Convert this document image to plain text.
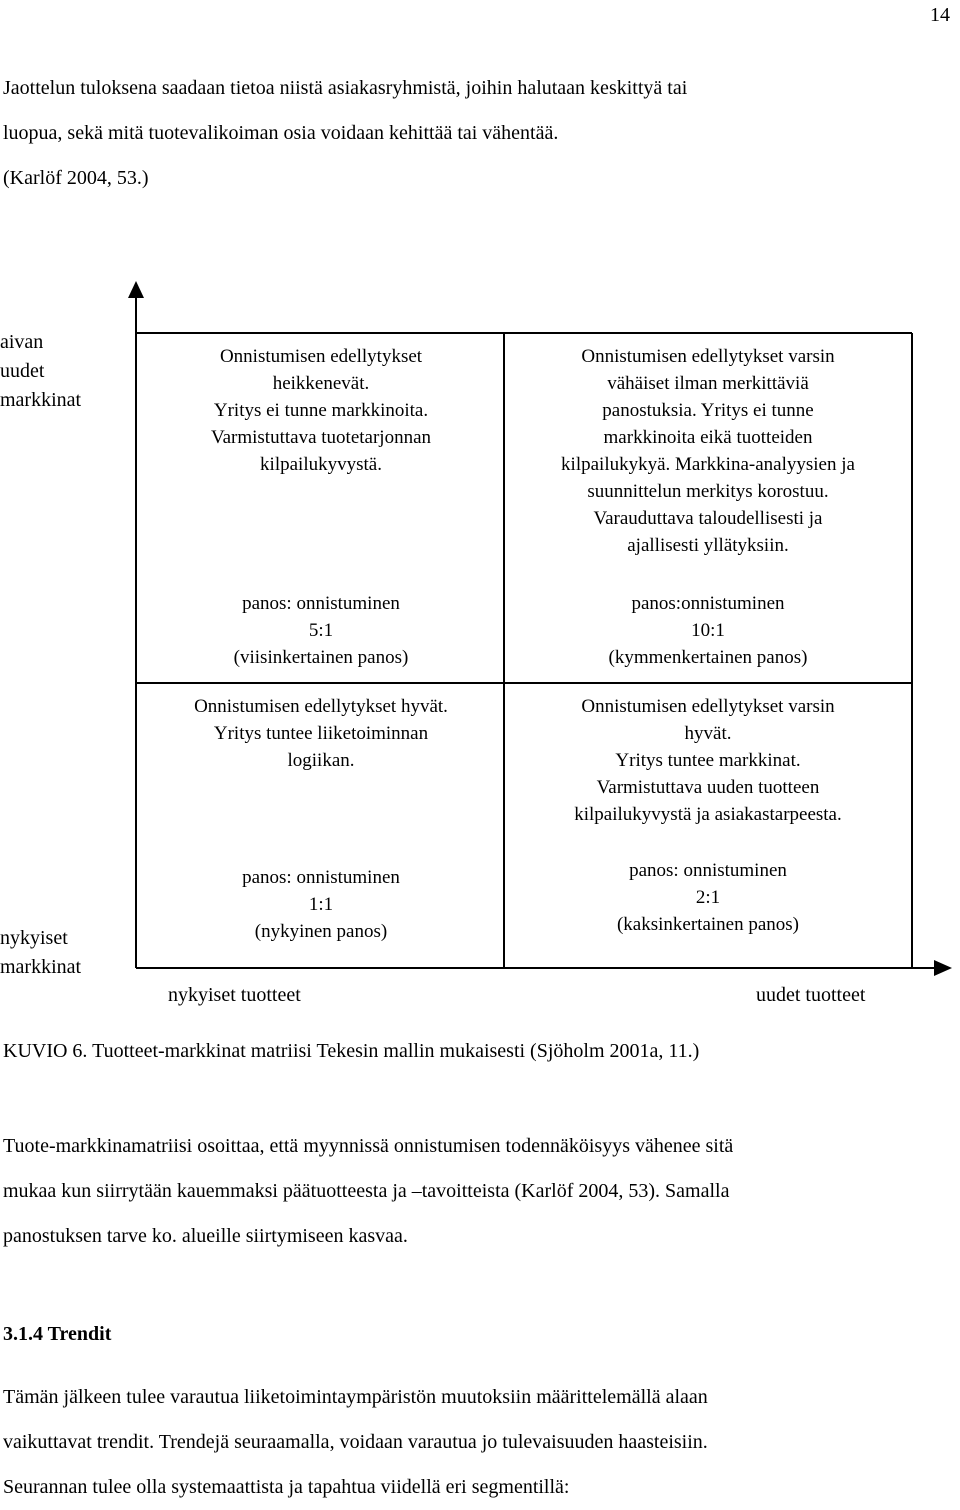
14
Jaottelun tuloksena saadaan tietoa niistä asiakasryhmistä, joihin halutaan keskittyä tai
luopua, sekä mitä tuotevalikoiman osia voidaan kehittää tai vähentää.
(Karlöf 2004, 53.)
aivan
uudet
markkinat
nykyiset
markkinat
Onnistumisen edellytykset
heikkenevät.
Yritys ei tunne markkinoita.
Varmistuttava tuotetarjonnan
kilpailukyvystä.
panos: onnistuminen
5:1
(viisinkertainen panos)
Onnistumisen edellytykset varsin
vähäiset ilman merkittäviä
panostuksia. Yritys ei tunne
markkinoita eikä tuotteiden
kilpailukykyä. Markkina-analyysien ja
suunnittelun merkitys korostuu.
Varauduttava taloudellisesti ja
ajallisesti yllätyksiin.
panos:onnistuminen
10:1
(kymmenkertainen panos)
Onnistumisen edellytykset hyvät.
Yritys tuntee liiketoiminnan
logiikan.
panos: onnistuminen
1:1
(nykyinen panos)
Onnistumisen edellytykset varsin
hyvät.
Yritys tuntee markkinat.
Varmistuttava uuden tuotteen
kilpailukyvystä ja asiakastarpeesta.
panos: onnistuminen
2:1
(kaksinkertainen panos)
nykyiset tuotteet	uudet tuotteet
KUVIO 6. Tuotteet-markkinat matriisi Tekesin mallin mukaisesti (Sjöholm 2001a, 11.)
Tuote-markkinamatriisi osoittaa, että myynnissä onnistumisen todennäköisyys vähenee sitä
mukaa kun siirrytään kauemmaksi päätuotteesta ja –tavoitteista (Karlöf 2004, 53). Samalla
panostuksen tarve ko. alueille siirtymiseen kasvaa.
3.1.4 Trendit
Tämän jälkeen tulee varautua liiketoimintaympäristön muutoksiin määrittelemällä alaan
vaikuttavat trendit. Trendejä seuraamalla, voidaan varautua jo tulevaisuuden haasteisiin.
Seurannan tulee olla systemaattista ja tapahtua viidellä eri segmentillä:
